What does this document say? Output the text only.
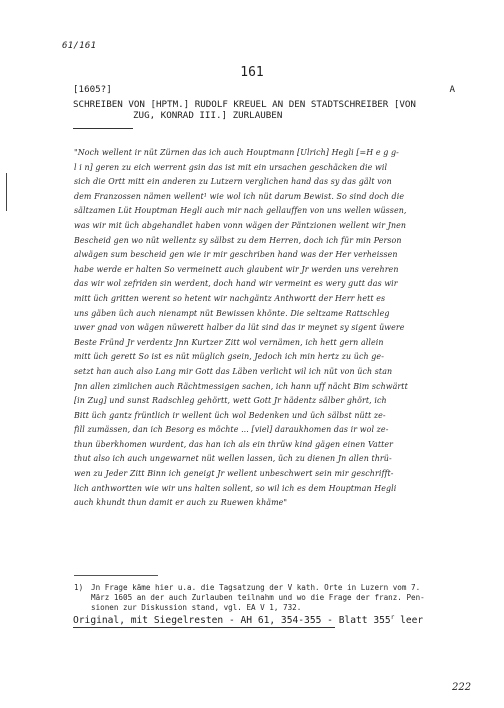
61/161
161
[1605?]	A
SCHREIBEN VON [HPTM.] RUDOLF KREUEL AN DEN STADTSCHREIBER [VON
ZUG, KONRAD III.] ZURLAUBEN
"Noch wellent ir nüt Zürnen das ich auch Houptmann [Ulrich] Hegli [=H e g g-
l i n] geren zu eich werrent gsin das ist mit ein ursachen geschäcken die wil
sich die Ortt mitt ein anderen zu Lutzern verglichen hand das sy das gält von
dem Franzossen nämen wellent¹ wie wol ich nüt darum Bewist. So sind doch die
sältzamen Lüt Houptman Hegli auch mir nach gellauffen von uns wellen wüssen,
was wir mit üch abgehandlet haben vonn wägen der Päntzionen wellent wir Jnen
Bescheid gen wo nüt wellentz sy sälbst zu dem Herren, doch ich für min Person
alwägen sum bescheid gen wie ir mir geschriben hand was der Her verheissen
habe werde er halten So vermeinett auch glaubent wir Jr werden uns verehren
das wir wol zefriden sin werdent, doch hand wir vermeint es wery gutt das wir
mitt üch gritten werent so hetent wir nachgäntz Anthwortt der Herr hett es
uns gäben üch auch nienampt nüt Bewissen khönte. Die seltzame Rattschleg
uwer gnad von wägen nüwerett halber da lüt sind das ir meynet sy sigent üwere
Beste Fründ Jr verdentz Jnn Kurtzer Zitt wol vernämen, ich hett gern allein
mitt üch gerett So ist es nüt müglich gsein, Jedoch ich min hertz zu üch ge-
setzt han auch also Lang mir Gott das Läben verlicht wil ich nüt von üch stan
Jnn allen zimlichen auch Rächtmessigen sachen, ich hann uff nächt Bim schwärtt
[in Zug] und sunst Radschleg gehörtt, wett Gott Jr hädentz sälber ghört, ich
Bitt üch gantz früntlich ir wellent üch wol Bedenken und üch sälbst nütt ze-
fill zumässen, dan ich Besorg es möchte ... [viel] daraukhomen das ir wol ze-
thun überkhomen wurdent, das han ich als ein thrüw kind gägen einen Vatter
thut also ich auch ungewarnet nüt wellen lassen, üch zu dienen Jn allen thrü-
wen zu Jeder Zitt Binn ich geneigt Jr wellent unbeschwert sein mir geschrifft-
lich anthwortten wie wir uns halten sollent, so wil ich es dem Houptman Hegli
auch khundt thun damit er auch zu Ruewen khäme"
1) Jn Frage käme hier u.a. die Tagsatzung der V kath. Orte in Luzern vom 7.
März 1605 an der auch Zurlauben teilnahm und wo die Frage der franz. Pen-
sionen zur Diskussion stand, vgl. EA V 1, 732.
Original, mit Siegelresten - AH 61, 354-355 - Blatt 355$^r$ leer
222
